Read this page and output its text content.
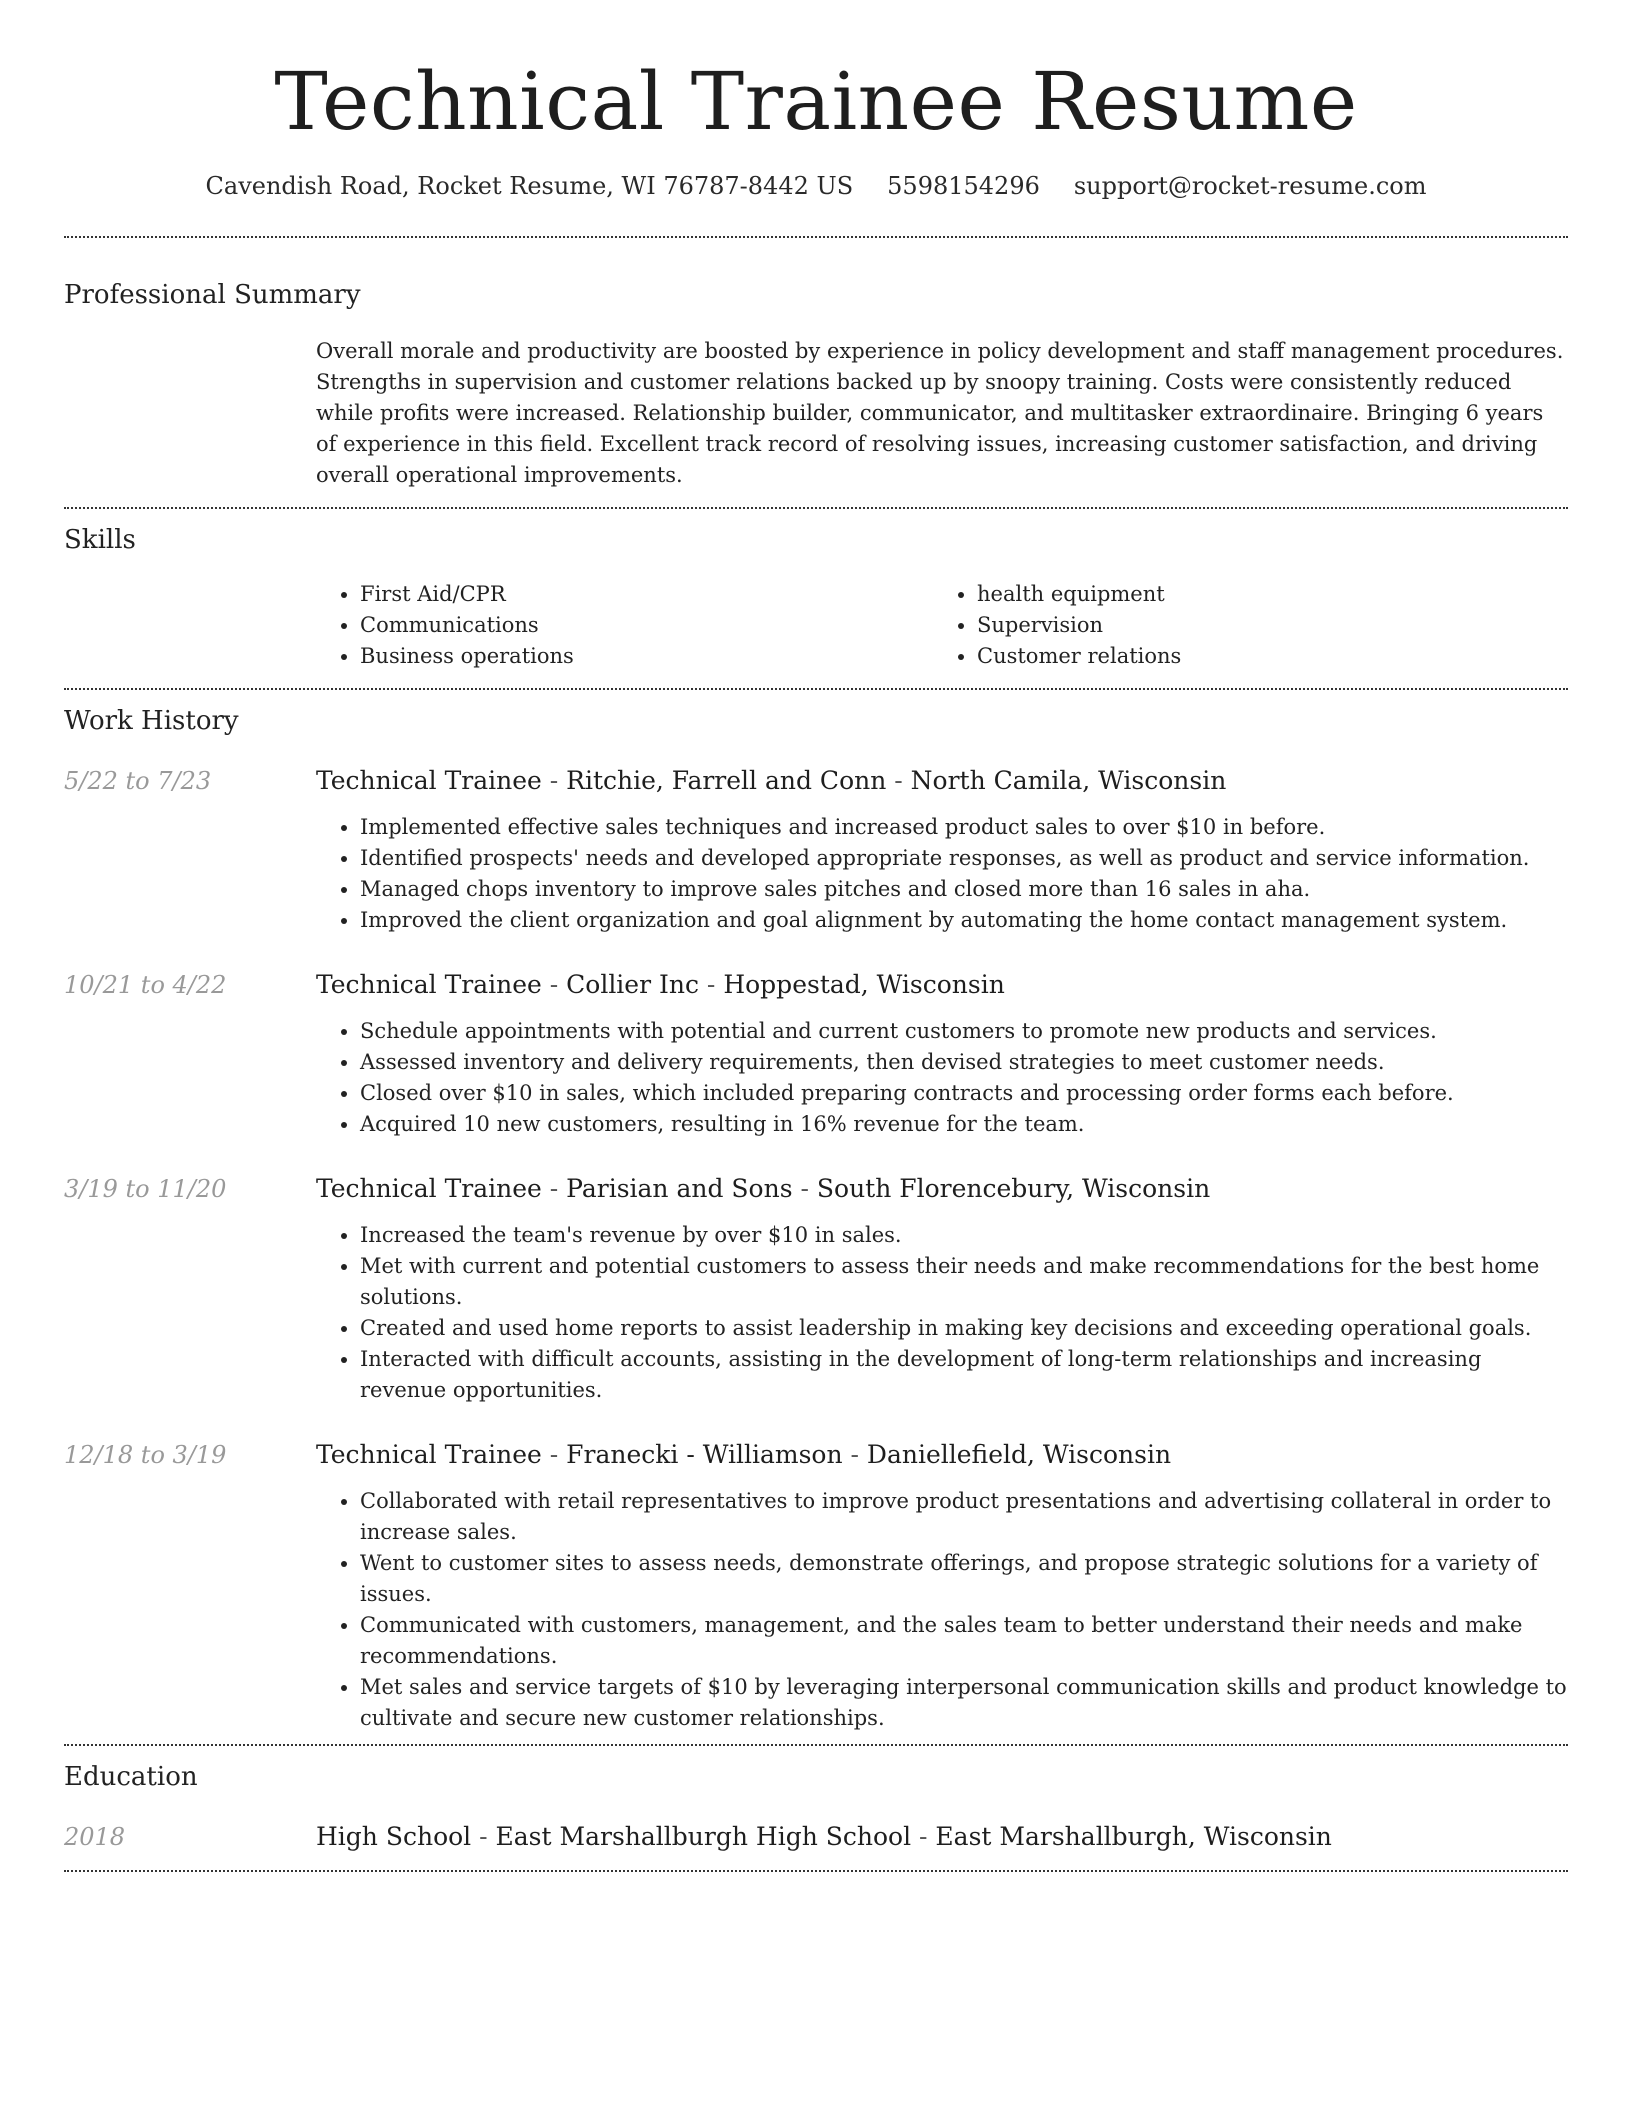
Technical Trainee Resume
Cavendish Road, Rocket Resume, WI 76787-8442 US 5598154296 support@rocket-resume.com
Professional Summary
Overall morale and productivity are boosted by experience in policy development and staff management procedures. Strengths in supervision and customer relations backed up by snoopy training. Costs were consistently reduced while profits were increased. Relationship builder, communicator, and multitasker extraordinaire. Bringing 6 years of experience in this field. Excellent track record of resolving issues, increasing customer satisfaction, and driving overall operational improvements.
Skills
• First Aid/CPR
• Communications
• Business operations
• health equipment
• Supervision
• Customer relations
Work History
5/22 to 7/23	Technical Trainee - Ritchie, Farrell and Conn - North Camila, Wisconsin
• Implemented effective sales techniques and increased product sales to over $10 in before.
• Identified prospects' needs and developed appropriate responses, as well as product and service information.
• Managed chops inventory to improve sales pitches and closed more than 16 sales in aha.
• Improved the client organization and goal alignment by automating the home contact management system.
10/21 to 4/22	Technical Trainee - Collier Inc - Hoppestad, Wisconsin
• Schedule appointments with potential and current customers to promote new products and services.
• Assessed inventory and delivery requirements, then devised strategies to meet customer needs.
• Closed over $10 in sales, which included preparing contracts and processing order forms each before.
• Acquired 10 new customers, resulting in 16% revenue for the team.
3/19 to 11/20	Technical Trainee - Parisian and Sons - South Florencebury, Wisconsin
• Increased the team's revenue by over $10 in sales.
• Met with current and potential customers to assess their needs and make recommendations for the best home solutions.
• Created and used home reports to assist leadership in making key decisions and exceeding operational goals.
• Interacted with difficult accounts, assisting in the development of long-term relationships and increasing revenue opportunities.
12/18 to 3/19	Technical Trainee - Franecki - Williamson - Daniellefield, Wisconsin
• Collaborated with retail representatives to improve product presentations and advertising collateral in order to increase sales.
• Went to customer sites to assess needs, demonstrate offerings, and propose strategic solutions for a variety of issues.
• Communicated with customers, management, and the sales team to better understand their needs and make recommendations.
• Met sales and service targets of $10 by leveraging interpersonal communication skills and product knowledge to cultivate and secure new customer relationships.
Education
2018	High School - East Marshallburgh High School - East Marshallburgh, Wisconsin
